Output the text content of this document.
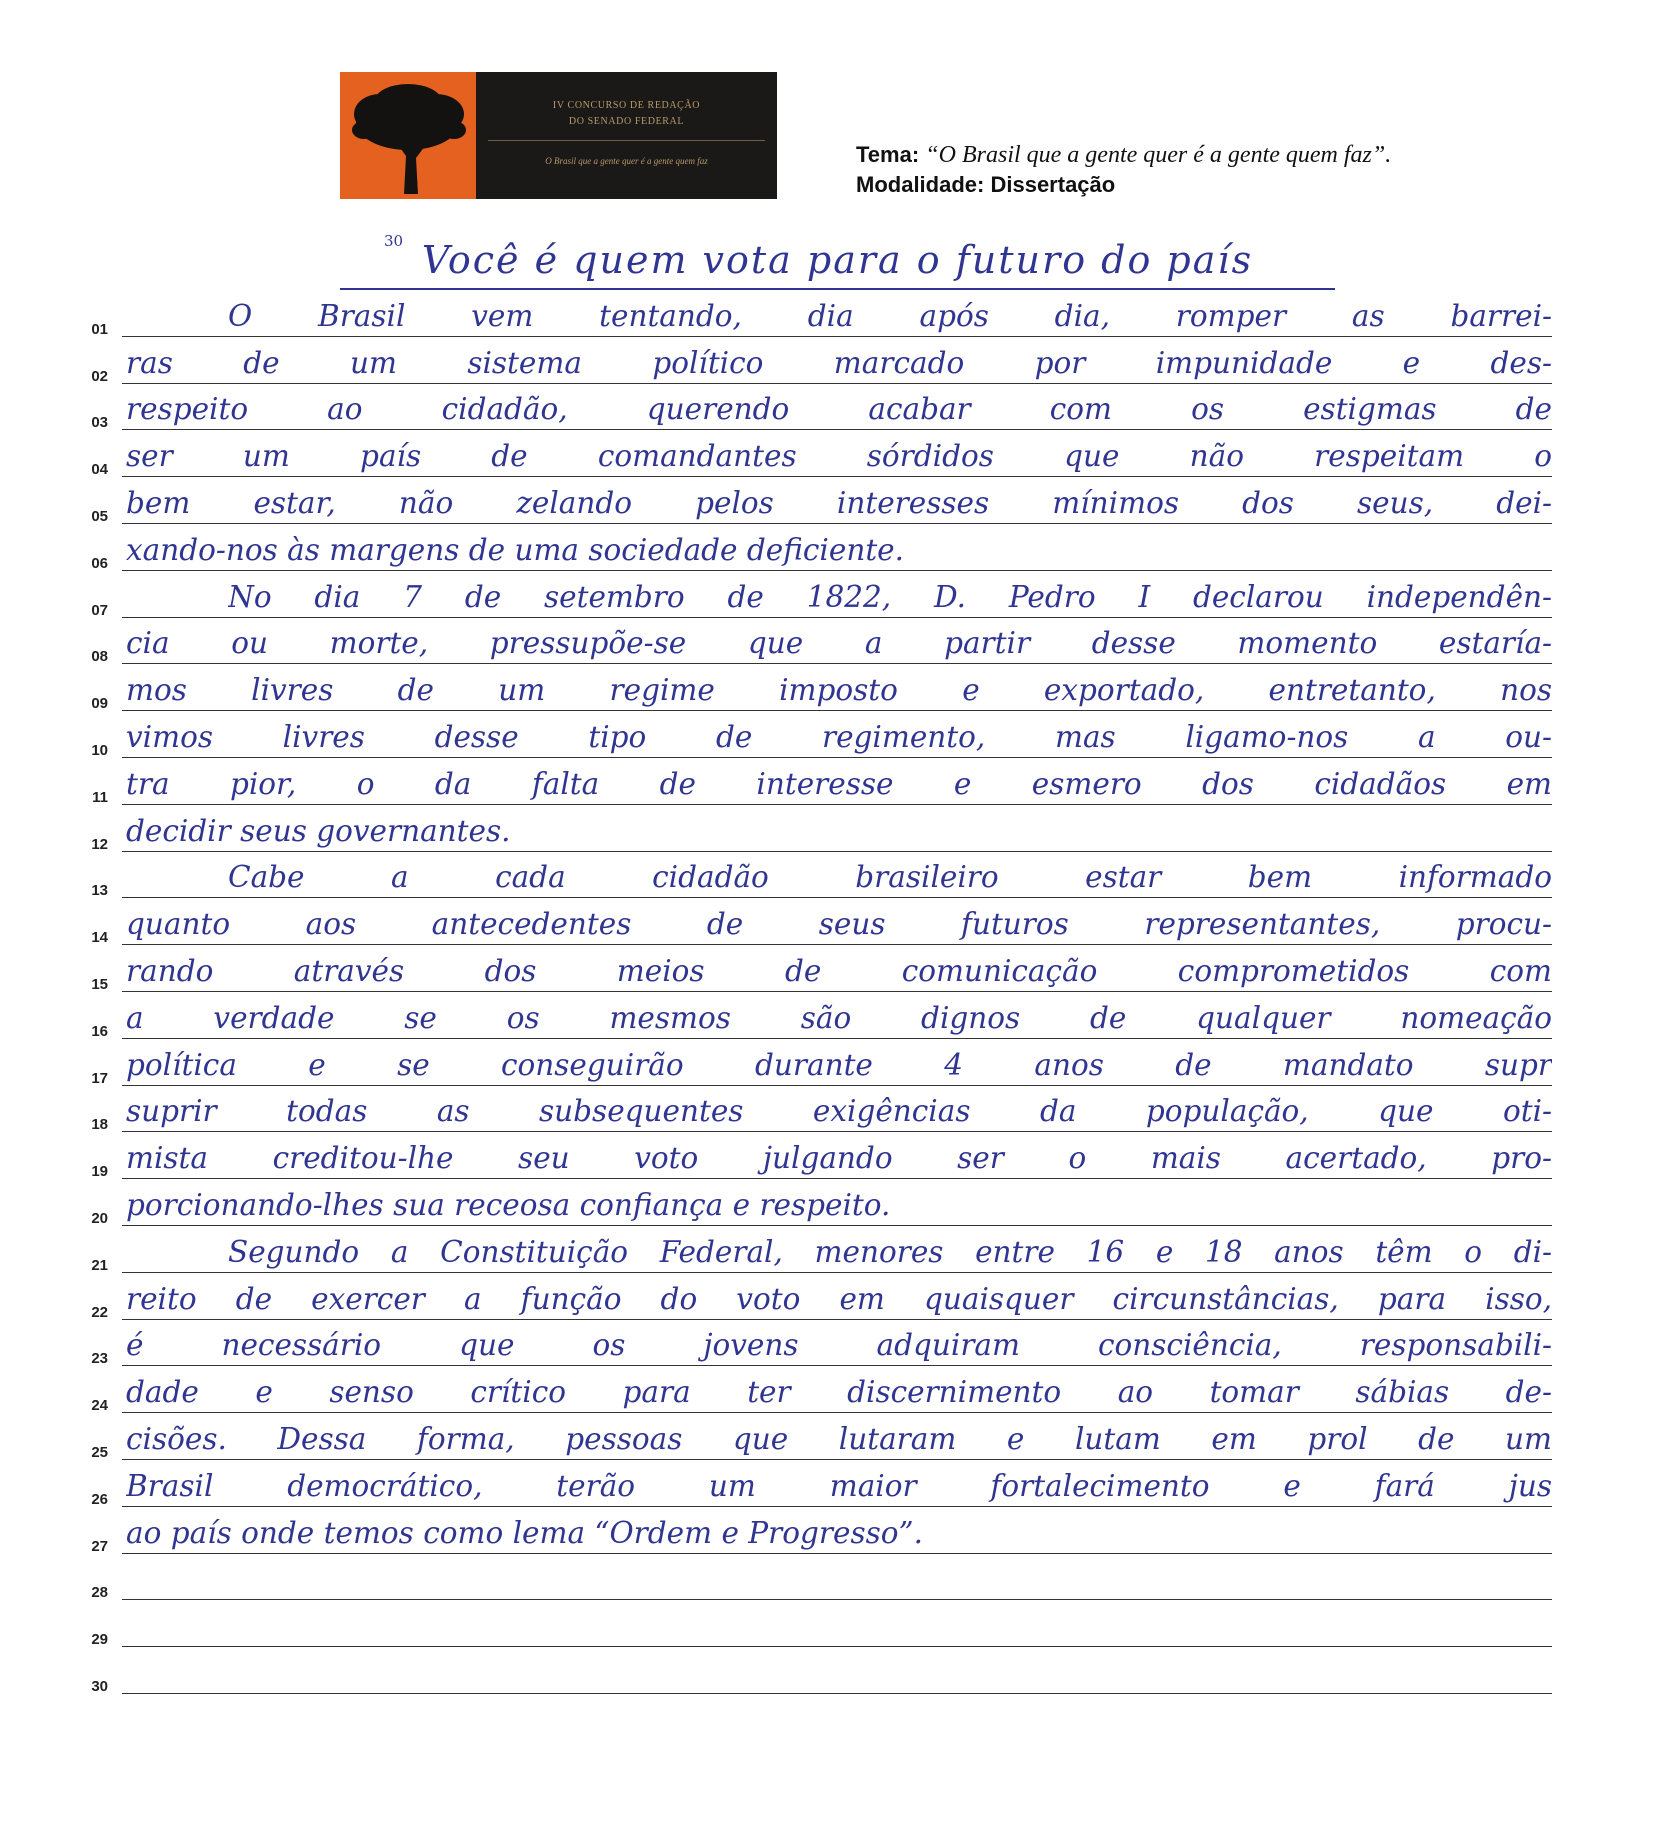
IV CONCURSO DE REDAÇÃO
DO SENADO FEDERAL
O Brasil que a gente quer é a gente quem faz	Tema: “O Brasil que a gente quer é a gente quem faz”.
Modalidade: Dissertação
30 Você é quem vota para o futuro do país
01	O Brasil vem tentando, dia após dia, romper as barrei-
02 ras de um sistema político marcado por impunidade e des-
03 respeito ao cidadão, querendo acabar com os estigmas de
04 ser um país de comandantes sórdidos que não respeitam o
05 bem estar, não zelando pelos interesses mínimos dos seus, dei-
06 xando-nos às margens de uma sociedade deficiente.
07	No dia 7 de setembro de 1822, D. Pedro I declarou independên-
08 cia ou morte, pressupõe-se que a partir desse momento estaría-
09 mos livres de um regime imposto e exportado, entretanto, nos
10 vimos livres desse tipo de regimento, mas ligamo-nos a ou-
11 tra pior, o da falta de interesse e esmero dos cidadãos em
12 decidir seus governantes.
13	Cabe a cada cidadão brasileiro estar bem informado
14 quanto aos antecedentes de seus futuros representantes, procu-
15 rando através dos meios de comunicação comprometidos com
16 a verdade se os mesmos são dignos de qualquer nomeação
17 política e se conseguirão durante 4 anos de mandato supr
18 suprir todas as subsequentes exigências da população, que oti-
19 mista creditou-lhe seu voto julgando ser o mais acertado, pro-
20 porcionando-lhes sua receosa confiança e respeito.
21	Segundo a Constituição Federal, menores entre 16 e 18 anos têm o di-
22 reito de exercer a função do voto em quaisquer circunstâncias, para isso,
23 é necessário que os jovens adquiram consciência, responsabili-
24 dade e senso crítico para ter discernimento ao tomar sábias de-
25 cisões. Dessa forma, pessoas que lutaram e lutam em prol de um
26 Brasil democrático, terão um maior fortalecimento e fará jus
27 ao país onde temos como lema “Ordem e Progresso”.
28
29
30
